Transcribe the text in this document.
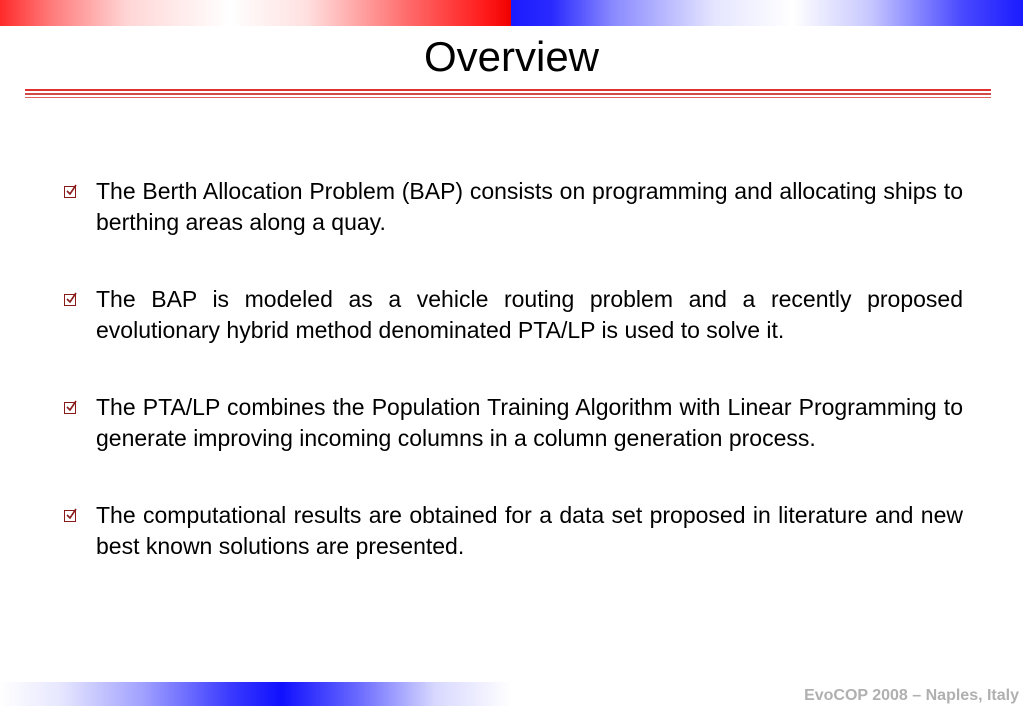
Overview
The Berth Allocation Problem (BAP) consists on programming and allocating ships to berthing areas along a quay.
The BAP is modeled as a vehicle routing problem and a recently proposed evolutionary hybrid method denominated PTA/LP is used to solve it.
The PTA/LP combines the Population Training Algorithm with Linear Programming to generate improving incoming columns in a column generation process.
The computational results are obtained for a data set proposed in literature and new best known solutions are presented.
EvoCOP 2008 – Naples, Italy
